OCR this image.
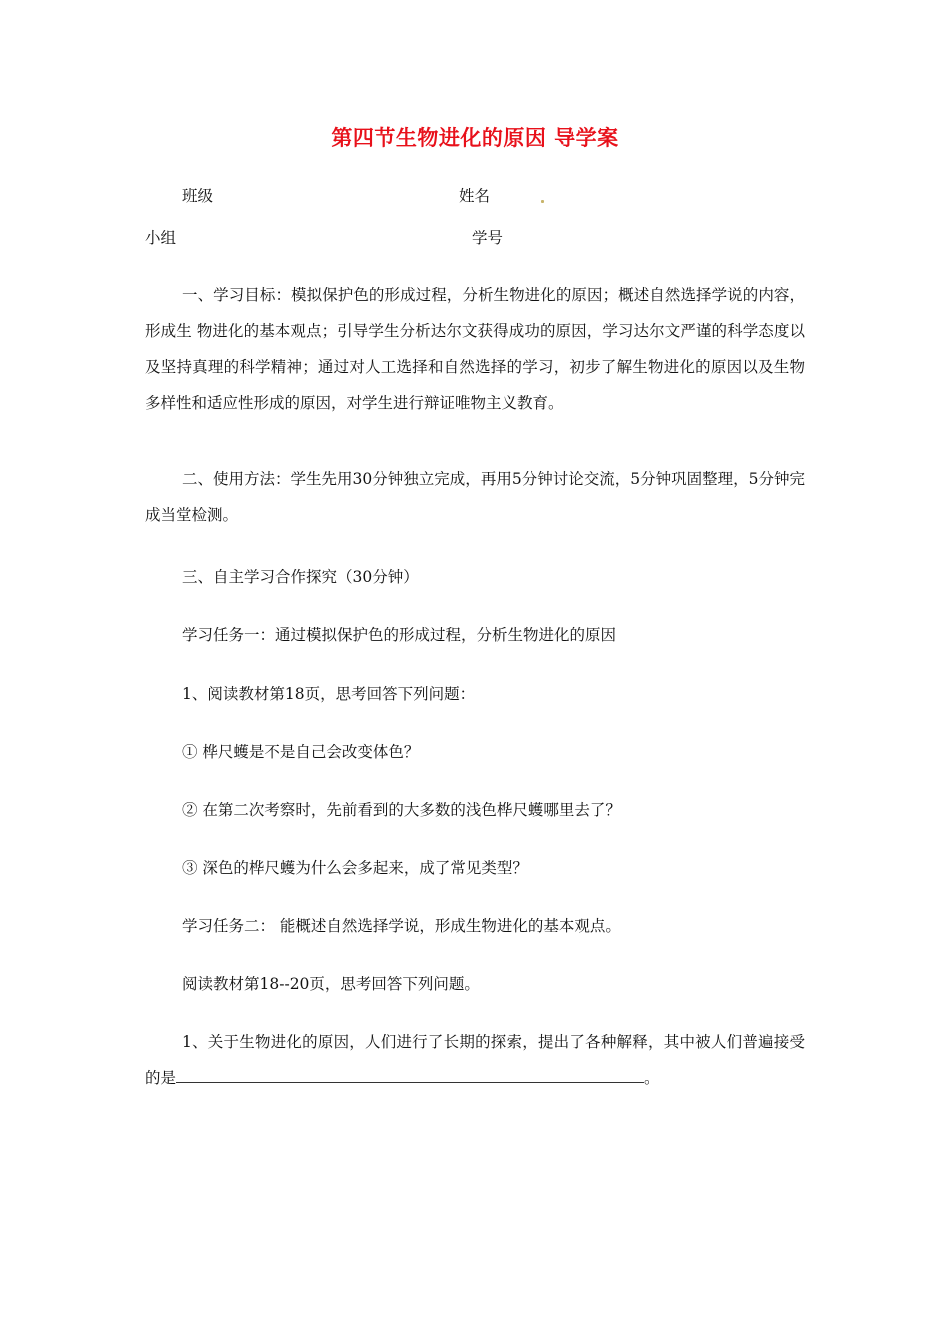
第四节生物进化的原因 导学案
班级	姓名
小组	学号
一、学习目标：模拟保护色的形成过程，分析生物进化的原因；概述自然选择学说的内容，形成生 物进化的基本观点；引导学生分析达尔文获得成功的原因，学习达尔文严谨的科学态度以及坚持真理的科学精神；通过对人工选择和自然选择的学习，初步了解生物进化的原因以及生物多样性和适应性形成的原因，对学生进行辩证唯物主义教育。
二、使用方法：学生先用30分钟独立完成，再用5分钟讨论交流，5分钟巩固整理，5分钟完成当堂检测。
三、自主学习合作探究（30分钟）
学习任务一：通过模拟保护色的形成过程，分析生物进化的原因
1、阅读教材第18页，思考回答下列问题：
① 桦尺蠖是不是自己会改变体色？
② 在第二次考察时，先前看到的大多数的浅色桦尺蠖哪里去了？
③ 深色的桦尺蠖为什么会多起来，成了常见类型？
学习任务二： 能概述自然选择学说，形成生物进化的基本观点。
阅读教材第18--20页，思考回答下列问题。
1、关于生物进化的原因，人们进行了长期的探索，提出了各种解释，其中被人们普遍接受的是	。
